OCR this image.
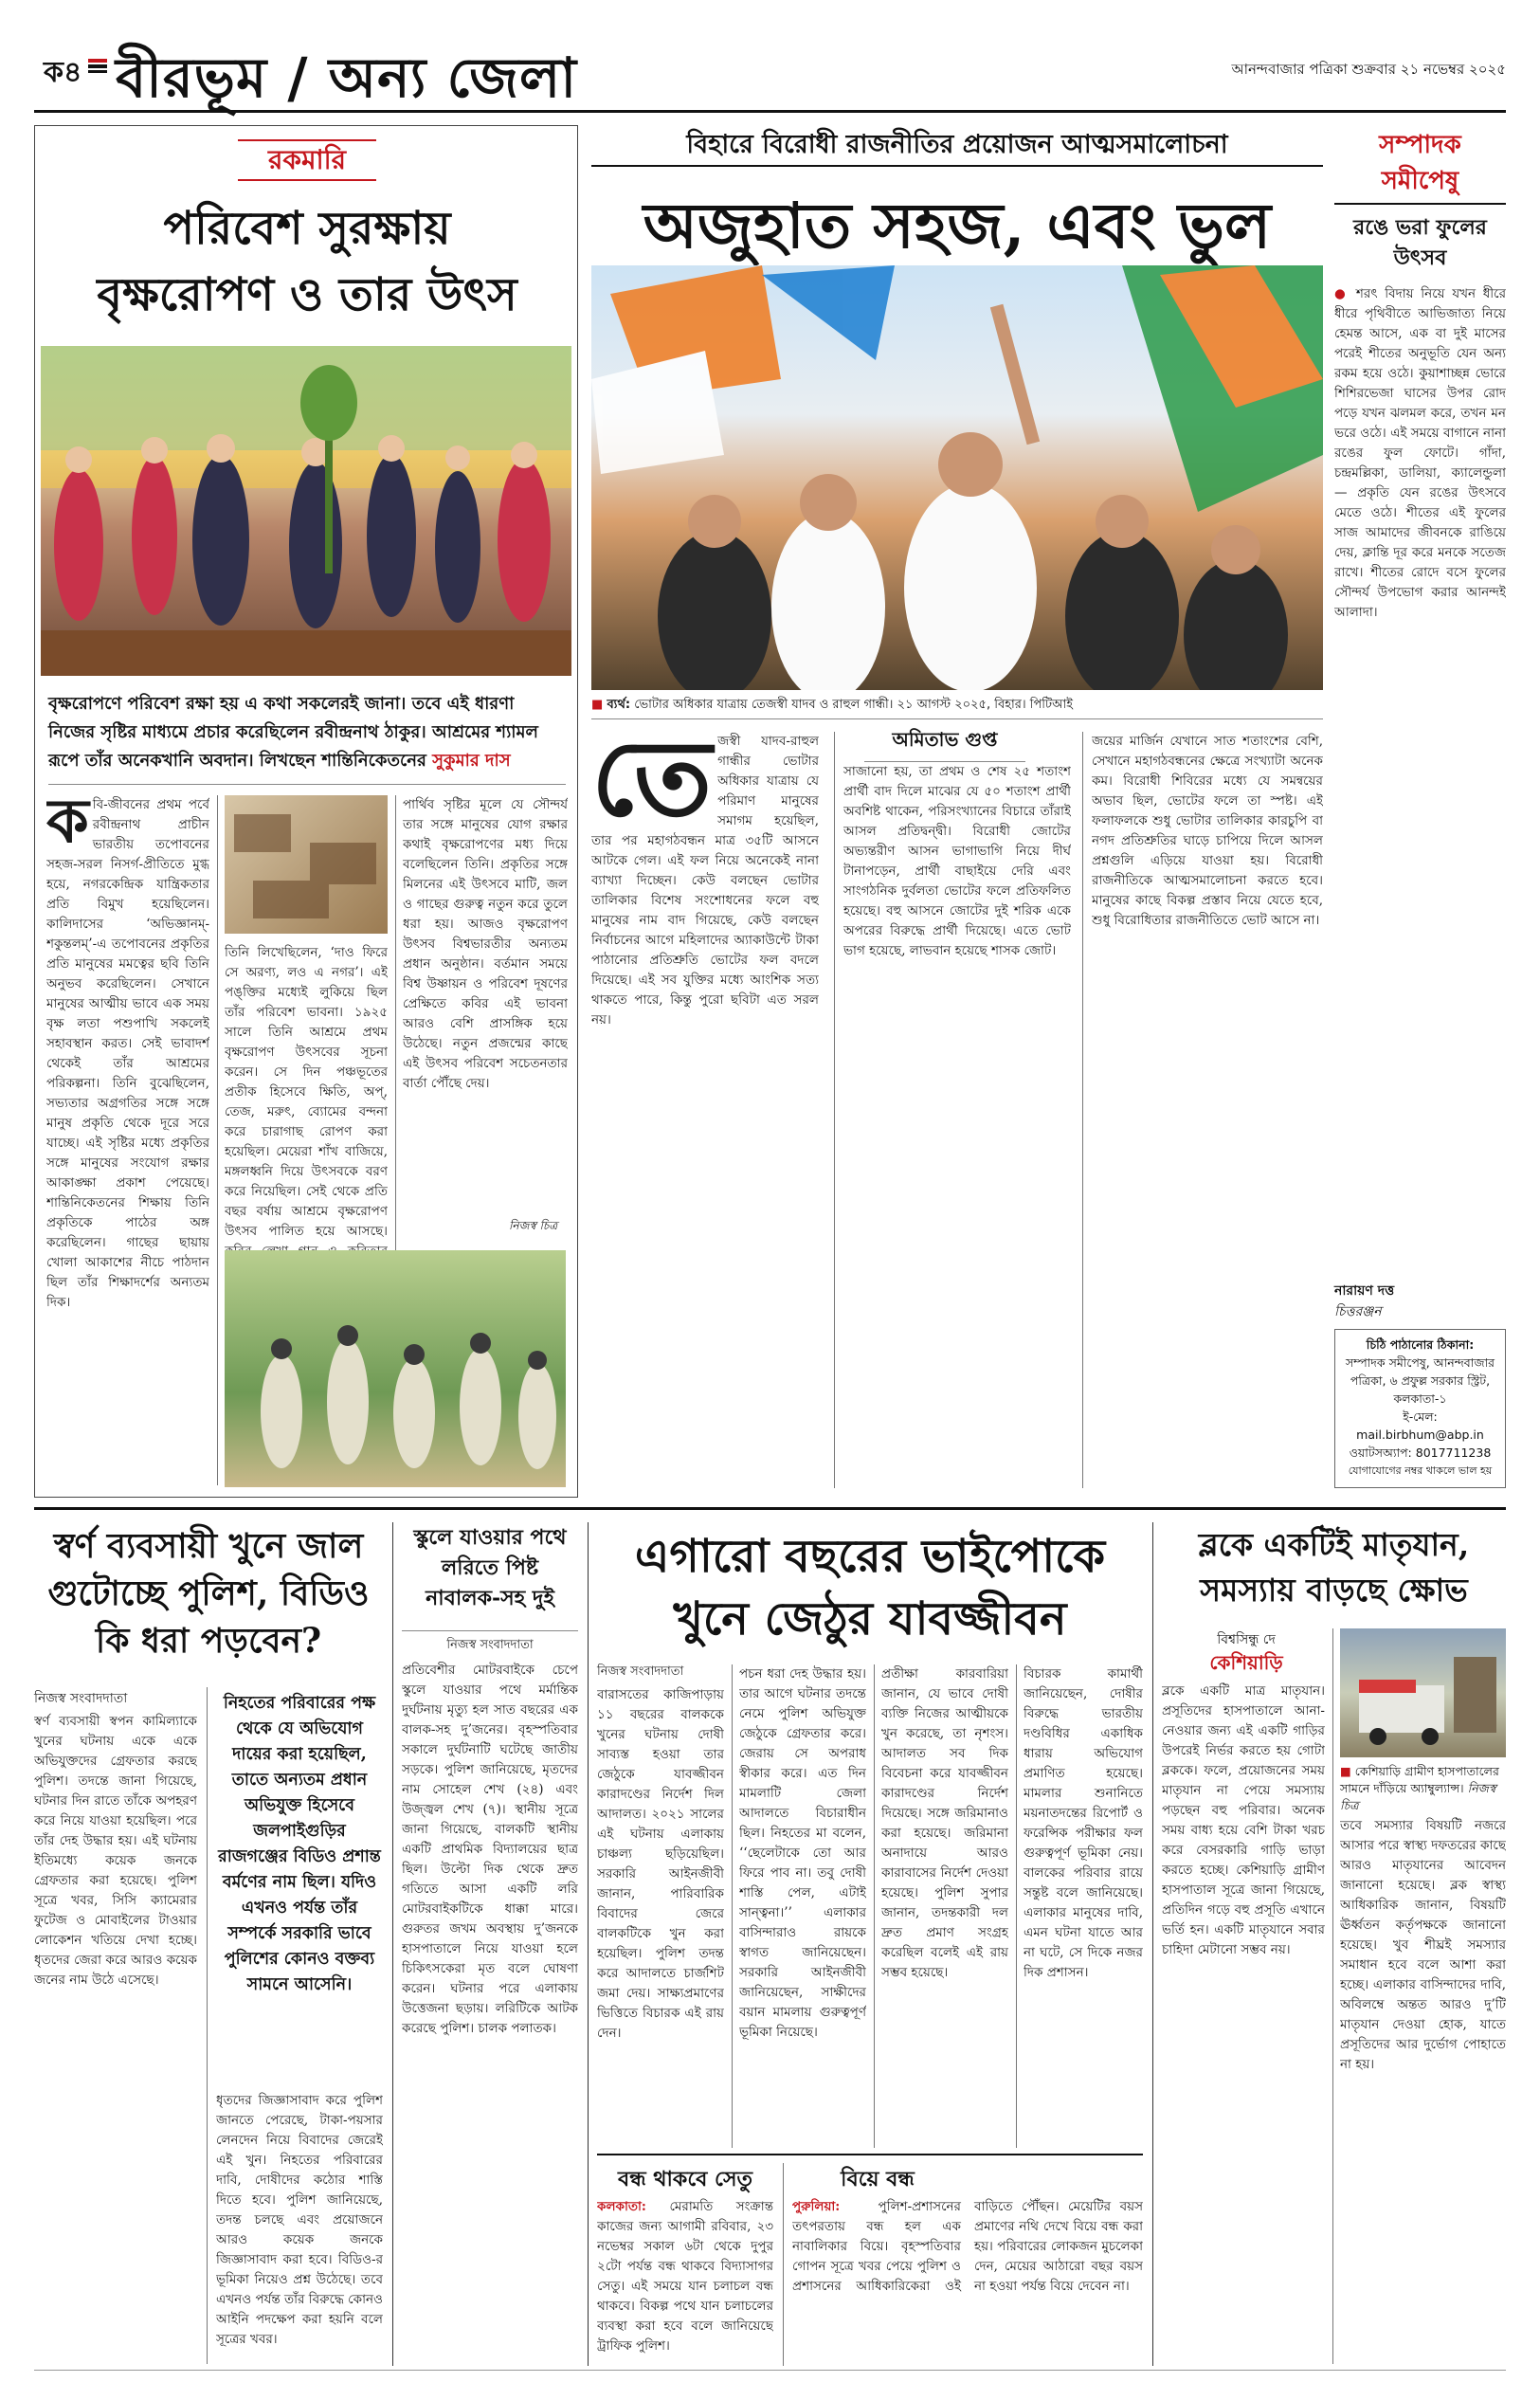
ক৪ বীরভূম / অন্য জেলা	আনন্দবাজার পত্রিকা শুক্রবার ২১ নভেম্বর ২০২৫
রকমারি
পরিবেশ সুরক্ষায়
বৃক্ষরোপণ ও তার উৎস
বৃক্ষরোপণে পরিবেশ রক্ষা হয় এ কথা সকলেরই জানা। তবে এই ধারণা নিজের সৃষ্টির মাধ্যমে প্রচার করেছিলেন রবীন্দ্রনাথ ঠাকুর। আশ্রমের শ্যামল রূপে তাঁর অনেকখানি অবদান। লিখছেন শান্তিনিকেতনের সুকুমার দাস
ক বি-জীবনের প্রথম পর্বে রবীন্দ্রনাথ প্রাচীন ভারতীয় তপোবনের সহজ-সরল নিসর্গ-প্রীতিতে মুগ্ধ হয়ে, নগরকেন্দ্রিক যান্ত্রিকতার প্রতি বিমুখ হয়েছিলেন। কালিদাসের ‘অভিজ্ঞানম্-শকুন্তলম্’-এ তপোবনের প্রকৃতির প্রতি মানুষের মমত্বের ছবি তিনি অনুভব করেছিলেন। সেখানে মানুষের আত্মীয় ভাবে এক সময় বৃক্ষ লতা পশুপাখি সকলেই সহাবস্থান করত। সেই ভাবাদর্শ থেকেই তাঁর আশ্রমের পরিকল্পনা। তিনি বুঝেছিলেন, সভ্যতার অগ্রগতির সঙ্গে সঙ্গে মানুষ প্রকৃতি থেকে দূরে সরে যাচ্ছে। এই সৃষ্টির মধ্যে প্রকৃতির সঙ্গে মানুষের সংযোগ রক্ষার আকাঙ্ক্ষা প্রকাশ পেয়েছে। শান্তিনিকেতনের শিক্ষায় তিনি প্রকৃতিকে পাঠের অঙ্গ করেছিলেন। গাছের ছায়ায় খোলা আকাশের নীচে পাঠদান ছিল তাঁর শিক্ষাদর্শের অন্যতম দিক।
তিনি লিখেছিলেন, ‘দাও ফিরে সে অরণ্য, লও এ নগর’। এই পঙ্‌ক্তির মধ্যেই লুকিয়ে ছিল তাঁর পরিবেশ ভাবনা। ১৯২৫ সালে তিনি আশ্রমে প্রথম বৃক্ষরোপণ উৎসবের সূচনা করেন। সে দিন পঞ্চভূতের প্রতীক হিসেবে ক্ষিতি, অপ্, তেজ, মরুৎ, ব্যোমের বন্দনা করে চারাগাছ রোপণ করা হয়েছিল। মেয়েরা শাঁখ বাজিয়ে, মঙ্গলধ্বনি দিয়ে উৎসবকে বরণ করে নিয়েছিল। সেই থেকে প্রতি বছর বর্ষায় আশ্রমে বৃক্ষরোপণ উৎসব পালিত হয়ে আসছে।
পার্থিব সৃষ্টির মূলে যে সৌন্দর্য তার সঙ্গে মানুষের যোগ রক্ষার কথাই বৃক্ষরোপণের মধ্য দিয়ে বলেছিলেন তিনি। প্রকৃতির সঙ্গে মিলনের এই উৎসবে মাটি, জল ও গাছের গুরুত্ব নতুন করে তুলে ধরা হয়। আজও বৃক্ষরোপণ উৎসব বিশ্বভারতীর অন্যতম প্রধান অনুষ্ঠান। বর্তমান সময়ে বিশ্ব উষ্ণায়ন ও পরিবেশ দূষণের প্রেক্ষিতে কবির এই ভাবনা আরও বেশি প্রাসঙ্গিক হয়ে উঠেছে। নতুন প্রজন্মের কাছে এই উৎসব পরিবেশ সচেতনতার বার্তা পৌঁছে দেয়।
নিজস্ব চিত্র
বিহারে বিরোধী রাজনীতির প্রয়োজন আত্মসমালোচনা
অজুহাত সহজ, এবং ভুল
■ ব্যর্থ: ভোটার অধিকার যাত্রায় তেজস্বী যাদব ও রাহুল গান্ধী। ২১ আগস্ট ২০২৫, বিহার। পিটিআই
অমিতাভ গুপ্ত
তে জস্বী যাদব-রাহুল গান্ধীর ভোটার অধিকার যাত্রায় যে পরিমাণ মানুষের সমাগম হয়েছিল, তার পর মহাগঠবন্ধন মাত্র ৩৫টি আসনে আটকে গেল। এই ফল নিয়ে অনেকেই নানা ব্যাখ্যা দিচ্ছেন। কেউ বলছেন ভোটার তালিকার বিশেষ সংশোধনের ফলে বহু মানুষের নাম বাদ গিয়েছে, কেউ বলছেন নির্বাচনের আগে মহিলাদের অ্যাকাউন্টে টাকা পাঠানোর প্রতিশ্রুতি ভোটের ফল বদলে দিয়েছে। এই সব যুক্তির মধ্যে আংশিক সত্য থাকতে পারে, কিন্তু পুরো ছবিটা এত সরল নয়।
সাজানো হয়, তা প্রথম ও শেষ ২৫ শতাংশ প্রার্থী বাদ দিলে মাঝের যে ৫০ শতাংশ প্রার্থী অবশিষ্ট থাকেন, পরিসংখ্যানের বিচারে তাঁরাই আসল প্রতিদ্বন্দ্বী। বিরোধী জোটের অভ্যন্তরীণ আসন ভাগাভাগি নিয়ে দীর্ঘ টানাপড়েন, প্রার্থী বাছাইয়ে দেরি এবং সাংগঠনিক দুর্বলতা ভোটের ফলে প্রতিফলিত হয়েছে। বহু আসনে জোটের দুই শরিক একে অপরের বিরুদ্ধে প্রার্থী দিয়েছে। এতে ভোট ভাগ হয়েছে, লাভবান হয়েছে শাসক জোট।
জয়ের মার্জিন যেখানে সাত শতাংশের বেশি, সেখানে মহাগঠবন্ধনের ক্ষেত্রে সংখ্যাটা অনেক কম। বিরোধী শিবিরের মধ্যে যে সমন্বয়ের অভাব ছিল, ভোটের ফলে তা স্পষ্ট। এই ফলাফলকে শুধু ভোটার তালিকার কারচুপি বা নগদ প্রতিশ্রুতির ঘাড়ে চাপিয়ে দিলে আসল প্রশ্নগুলি এড়িয়ে যাওয়া হয়। বিরোধী রাজনীতিকে আত্মসমালোচনা করতে হবে। মানুষের কাছে বিকল্প প্রস্তাব নিয়ে যেতে হবে, শুধু বিরোধিতার রাজনীতিতে ভোট আসে না।
সম্পাদক
সমীপেষু
রঙে ভরা ফুলের উৎসব
● শরৎ বিদায় নিয়ে যখন ধীরে ধীরে পৃথিবীতে আভিজাত্য নিয়ে হেমন্ত আসে, এক বা দুই মাসের পরেই শীতের অনুভূতি যেন অন্য রকম হয়ে ওঠে। কুয়াশাচ্ছন্ন ভোরে শিশিরভেজা ঘাসের উপর রোদ পড়ে যখন ঝলমল করে, তখন মন ভরে ওঠে। এই সময়ে বাগানে নানা রঙের ফুল ফোটে। গাঁদা, চন্দ্রমল্লিকা, ডালিয়া, ক্যালেন্ডুলা — প্রকৃতি যেন রঙের উৎসবে মেতে ওঠে। শীতের এই ফুলের সাজ আমাদের জীবনকে রাঙিয়ে দেয়, ক্লান্তি দূর করে মনকে সতেজ রাখে। শীতের রোদে বসে ফুলের সৌন্দর্য উপভোগ করার আনন্দই আলাদা।
নারায়ণ দত্ত
চিত্তরঞ্জন
চিঠি পাঠানোর ঠিকানা:
সম্পাদক সমীপেষু, আনন্দবাজার পত্রিকা, ৬ প্রফুল্ল সরকার স্ট্রিট, কলকাতা-১
ই-মেল: mail.birbhum@abp.in
ওয়াটসঅ্যাপ: 8017711238
যোগাযোগের নম্বর থাকলে ভাল হয়
স্বর্ণ ব্যবসায়ী খুনে জাল গুটোচ্ছে পুলিশ, বিডিও কি ধরা পড়বেন?
নিজস্ব সংবাদদাতা
স্বর্ণ ব্যবসায়ী স্বপন কামিল্যাকে খুনের ঘটনায় একে একে অভিযুক্তদের গ্রেফতার করছে পুলিশ। তদন্তে জানা গিয়েছে, ঘটনার দিন রাতে তাঁকে অপহরণ করে নিয়ে যাওয়া হয়েছিল। পরে তাঁর দেহ উদ্ধার হয়। এই ঘটনায় ইতিমধ্যে কয়েক জনকে গ্রেফতার করা হয়েছে। পুলিশ সূত্রে খবর, সিসি ক্যামেরার ফুটেজ ও মোবাইলের টাওয়ার লোকেশন খতিয়ে দেখা হচ্ছে। ধৃতদের জেরা করে আরও কয়েক জনের নাম উঠে এসেছে।
নিহতের পরিবারের পক্ষ থেকে যে অভিযোগ দায়ের করা হয়েছিল, তাতে অন্যতম প্রধান অভিযুক্ত হিসেবে জলপাইগুড়ির রাজগঞ্জের বিডিও প্রশান্ত বর্মণের নাম ছিল। যদিও এখনও পর্যন্ত তাঁর সম্পর্কে সরকারি ভাবে পুলিশের কোনও বক্তব্য সামনে আসেনি।
ধৃতদের জিজ্ঞাসাবাদ করে পুলিশ জানতে পেরেছে, টাকা-পয়সার লেনদেন নিয়ে বিবাদের জেরেই এই খুন। নিহতের পরিবারের দাবি, দোষীদের কঠোর শাস্তি দিতে হবে। পুলিশ জানিয়েছে, তদন্ত চলছে এবং প্রয়োজনে আরও কয়েক জনকে জিজ্ঞাসাবাদ করা হবে। বিডিও-র ভূমিকা নিয়েও প্রশ্ন উঠেছে। তবে এখনও পর্যন্ত তাঁর বিরুদ্ধে কোনও আইনি পদক্ষেপ করা হয়নি বলে সূত্রের খবর।
স্কুলে যাওয়ার পথে লরিতে পিষ্ট নাবালক-সহ দুই
নিজস্ব সংবাদদাতা
প্রতিবেশীর মোটরবাইকে চেপে স্কুলে যাওয়ার পথে মর্মান্তিক দুর্ঘটনায় মৃত্যু হল সাত বছরের এক বালক-সহ দু’জনের। বৃহস্পতিবার সকালে দুর্ঘটনাটি ঘটেছে জাতীয় সড়কে। পুলিশ জানিয়েছে, মৃতদের নাম সোহেল শেখ (২৪) এবং উজ্জ্বল শেখ (৭)। স্থানীয় সূত্রে জানা গিয়েছে, বালকটি স্থানীয় একটি প্রাথমিক বিদ্যালয়ের ছাত্র ছিল। উল্টো দিক থেকে দ্রুত গতিতে আসা একটি লরি মোটরবাইকটিকে ধাক্কা মারে। গুরুতর জখম অবস্থায় দু’জনকে হাসপাতালে নিয়ে যাওয়া হলে চিকিৎসকেরা মৃত বলে ঘোষণা করেন। ঘটনার পরে এলাকায় উত্তেজনা ছড়ায়। লরিটিকে আটক করেছে পুলিশ। চালক পলাতক।
এগারো বছরের ভাইপোকে
খুনে জেঠুর যাবজ্জীবন
নিজস্ব সংবাদদাতা
বারাসতের কাজিপাড়ায় ১১ বছরের বালককে খুনের ঘটনায় দোষী সাব্যস্ত হওয়া তার জেঠুকে যাবজ্জীবন কারাদণ্ডের নির্দেশ দিল আদালত। ২০২১ সালের এই ঘটনায় এলাকায় চাঞ্চল্য ছড়িয়েছিল। সরকারি আইনজীবী জানান, পারিবারিক বিবাদের জেরে বালকটিকে খুন করা হয়েছিল। পুলিশ তদন্ত করে আদালতে চার্জশিট জমা দেয়। সাক্ষ্যপ্রমাণের ভিত্তিতে বিচারক এই রায় দেন।
পচন ধরা দেহ উদ্ধার হয়। তার আগে ঘটনার তদন্তে নেমে পুলিশ অভিযুক্ত জেঠুকে গ্রেফতার করে। জেরায় সে অপরাধ স্বীকার করে। এত দিন মামলাটি জেলা আদালতে বিচারাধীন ছিল। নিহতের মা বলেন, ‘‘ছেলেটাকে তো আর ফিরে পাব না। তবু দোষী শাস্তি পেল, এটাই সান্ত্বনা।’’ এলাকার বাসিন্দারাও রায়কে স্বাগত জানিয়েছেন। সরকারি আইনজীবী জানিয়েছেন, সাক্ষীদের বয়ান মামলায় গুরুত্বপূর্ণ ভূমিকা নিয়েছে।
প্রতীক্ষা কারবারিয়া জানান, যে ভাবে দোষী ব্যক্তি নিজের আত্মীয়কে খুন করেছে, তা নৃশংস। আদালত সব দিক বিবেচনা করে যাবজ্জীবন কারাদণ্ডের নির্দেশ দিয়েছে। সঙ্গে জরিমানাও করা হয়েছে। জরিমানা অনাদায়ে আরও কারাবাসের নির্দেশ দেওয়া হয়েছে। পুলিশ সুপার জানান, তদন্তকারী দল দ্রুত প্রমাণ সংগ্রহ করেছিল বলেই এই রায় সম্ভব হয়েছে।
বিচারক কামার্থী জানিয়েছেন, দোষীর বিরুদ্ধে ভারতীয় দণ্ডবিধির একাধিক ধারায় অভিযোগ প্রমাণিত হয়েছে। মামলার শুনানিতে ময়নাতদন্তের রিপোর্ট ও ফরেন্সিক পরীক্ষার ফল গুরুত্বপূর্ণ ভূমিকা নেয়। বালকের পরিবার রায়ে সন্তুষ্ট বলে জানিয়েছে। এলাকার মানুষের দাবি, এমন ঘটনা যাতে আর না ঘটে, সে দিকে নজর দিক প্রশাসন।
বন্ধ থাকবে সেতু
কলকাতা: মেরামতি সংক্রান্ত কাজের জন্য আগামী রবিবার, ২৩ নভেম্বর সকাল ৬টা থেকে দুপুর ২টো পর্যন্ত বন্ধ থাকবে বিদ্যাসাগর সেতু। এই সময়ে যান চলাচল বন্ধ থাকবে। বিকল্প পথে যান চলাচলের ব্যবস্থা করা হবে বলে জানিয়েছে ট্রাফিক পুলিশ।
বিয়ে বন্ধ
পুরুলিয়া:	পুলিশ-প্রশাসনের তৎপরতায় বন্ধ হল এক নাবালিকার বিয়ে। বৃহস্পতিবার গোপন সূত্রে খবর পেয়ে পুলিশ ও প্রশাসনের আধিকারিকেরা ওই বাড়িতে পৌঁছন। মেয়েটির বয়স প্রমাণের নথি দেখে বিয়ে বন্ধ করা হয়। পরিবারের লোকজন মুচলেকা দেন, মেয়ের আঠারো বছর বয়স না হওয়া পর্যন্ত বিয়ে দেবেন না।
ব্লকে একটিই মাতৃযান, সমস্যায় বাড়ছে ক্ষোভ
বিশ্বসিন্ধু দে
কেশিয়াড়ি
ব্লকে একটি মাত্র মাতৃযান। প্রসূতিদের হাসপাতালে আনা-নেওয়ার জন্য এই একটি গাড়ির উপরেই নির্ভর করতে হয় গোটা ব্লককে। ফলে, প্রয়োজনের সময় মাতৃযান না পেয়ে সমস্যায় পড়ছেন বহু পরিবার। অনেক সময় বাধ্য হয়ে বেশি টাকা খরচ করে বেসরকারি গাড়ি ভাড়া করতে হচ্ছে। কেশিয়াড়ি গ্রামীণ হাসপাতাল সূত্রে জানা গিয়েছে, প্রতিদিন গড়ে বহু প্রসূতি এখানে ভর্তি হন। একটি মাতৃযানে সবার চাহিদা মেটানো সম্ভব নয়।
■ কেশিয়াড়ি গ্রামীণ হাসপাতালের সামনে দাঁড়িয়ে অ্যাম্বুল্যান্স। নিজস্ব চিত্র
তবে সমস্যার বিষয়টি নজরে আসার পরে স্বাস্থ্য দফতরের কাছে আরও মাতৃযানের আবেদন জানানো হয়েছে। ব্লক স্বাস্থ্য আধিকারিক জানান, বিষয়টি ঊর্ধ্বতন কর্তৃপক্ষকে জানানো হয়েছে। খুব শীঘ্রই সমস্যার সমাধান হবে বলে আশা করা হচ্ছে। এলাকার বাসিন্দাদের দাবি, অবিলম্বে অন্তত আরও দু’টি মাতৃযান দেওয়া হোক, যাতে প্রসূতিদের আর দুর্ভোগ পোহাতে না হয়।
